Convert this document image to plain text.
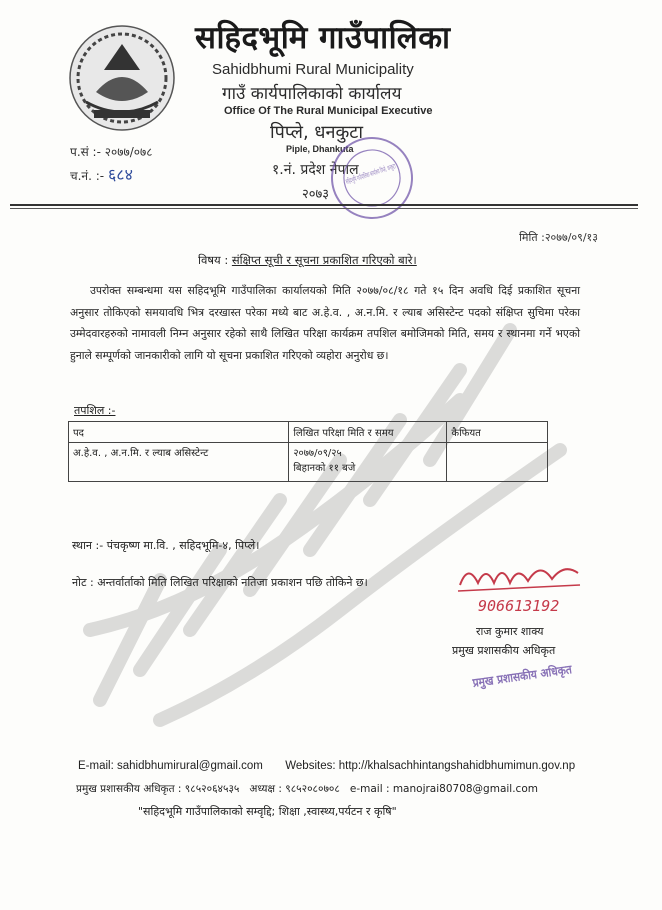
सहिदभूमि गाउँपालिका
Sahidbhumi Rural Municipality
गाउँ कार्यपालिकाको कार्यालय
Office Of The Rural Municipal Executive
पिप्ले, धनकुटा
Piple, Dhankuta
१.नं. प्रदेश नेपाल
२०७३
सहिदभूमि गाउँपालिका कार्यालय पिप्ले, धनकुटा
प.सं :- २०७७/०७८
च.नं. :- ६८४
मिति :२०७७/०९/१३
विषय : संक्षिप्त सूची र सूचना प्रकाशित गरिएको बारे।
उपरोक्त सम्बन्धमा यस सहिदभूमि गाउँपालिका कार्यालयको मिति २०७७/०८/१८ गते १५ दिन अवधि दिई प्रकाशित सूचना अनुसार तोकिएको समयावधि भित्र दरखास्त परेका मध्ये बाट अ.हे.व. , अ.न.मि. र ल्याब असिस्टेन्ट पदको संक्षिप्त सुचिमा परेका उम्मेदवारहरुको नामावली निम्न अनुसार रहेको साथै लिखित परिक्षा कार्यक्रम तपशिल बमोजिमको मिति, समय र स्थानमा गर्ने भएको हुनाले सम्पूर्णको जानकारीको लागि यो सूचना प्रकाशित गरिएको व्यहोरा अनुरोध छ।
तपशिल :-
पद	लिखित परिक्षा मिति र समय	कैफियत
अ.हे.व. , अ.न.मि. र ल्याब असिस्टेन्ट	२०७७/०९/२५
बिहानको ११ बजे	

स्थान :- पंचकृष्ण मा.वि. , सहिदभूमि-४, पिप्ले।
नोट : अन्तर्वार्ताको मिति लिखित परिक्षाको नतिजा प्रकाशन पछि तोकिने छ।
906613192
राज कुमार शाक्य
प्रमुख प्रशासकीय अधिकृत
प्रमुख प्रशासकीय अधिकृत
E-mail: sahidbhumirural@gmail.com Websites: http://khalsachhintangshahidbhumimun.gov.np
प्रमुख प्रशासकीय अधिकृत : ९८५२०६४५३५ अध्यक्ष : ९८५२०८०७०८ e-mail : manojrai80708@gmail.com
"सहिदभूमि गाउँपालिकाको सम्वृद्दि; शिक्षा ,स्वास्थ्य,पर्यटन र कृषि"
